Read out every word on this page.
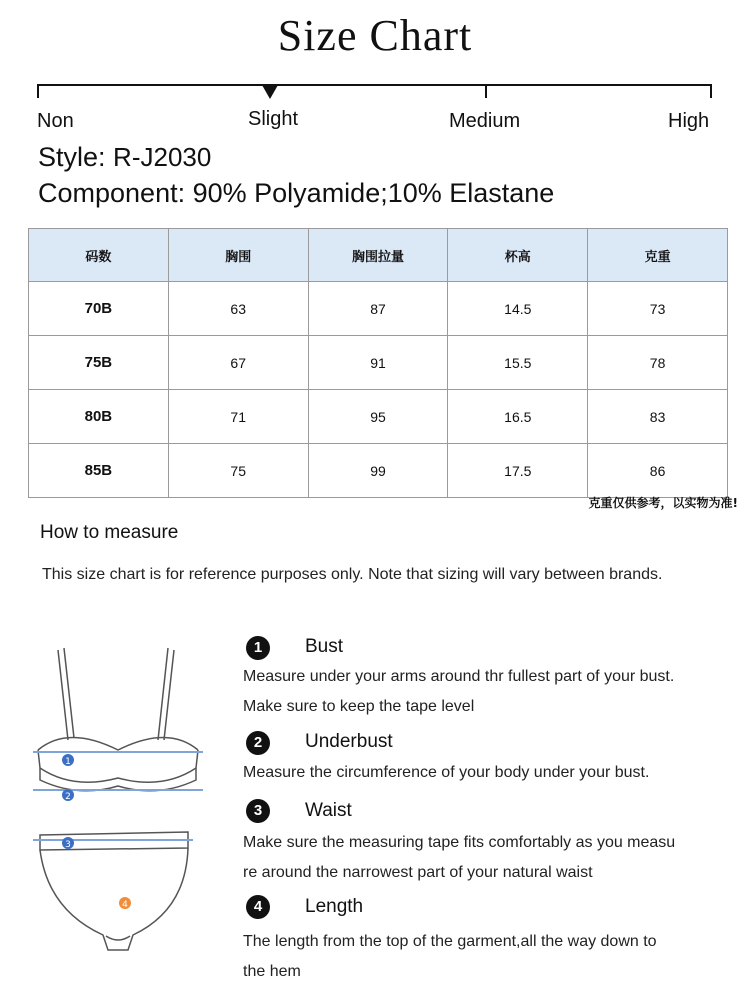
Size Chart
Non	Slight	Medium	High
Style: R-J2030
Component: 90% Polyamide;10% Elastane
码数	胸围	胸围拉量	杯高	克重
70B	63	87	14.5	73
75B	67	91	15.5	78
80B	71	95	16.5	83
85B	75	99	17.5	86
克重仅供参考，以实物为准!
How to measure
This size chart is for reference purposes only. Note that sizing will vary between brands.
1
2
3
4
1	Bust
Measure under your arms around thr fullest part of your bust.
Make sure to keep the tape level
2	Underbust
Measure the circumference of your body under your bust.
3	Waist
Make sure the measuring tape fits comfortably as you measu
re around the narrowest part of your natural waist
4	Length
The length from the top of the garment,all the way down to
the hem
